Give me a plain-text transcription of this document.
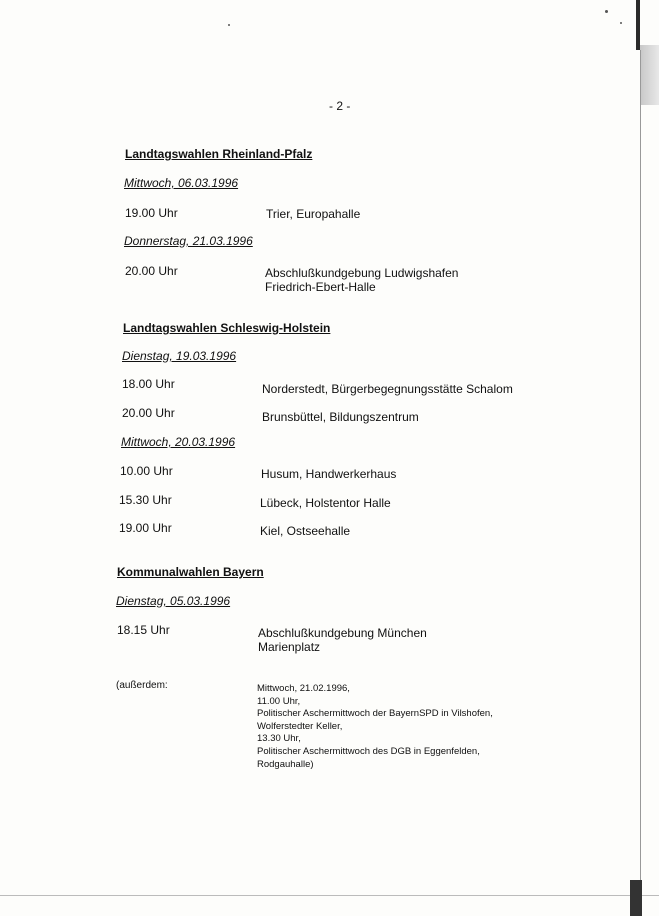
- 2 -
Landtagswahlen Rheinland-Pfalz
Mittwoch, 06.03.1996
19.00 Uhr	Trier, Europahalle
Donnerstag, 21.03.1996
20.00 Uhr	Abschlußkundgebung Ludwigshafen
Friedrich-Ebert-Halle
Landtagswahlen Schleswig-Holstein
Dienstag, 19.03.1996
18.00 Uhr	Norderstedt, Bürgerbegegnungsstätte Schalom
20.00 Uhr	Brunsbüttel, Bildungszentrum
Mittwoch, 20.03.1996
10.00 Uhr	Husum, Handwerkerhaus
15.30 Uhr	Lübeck, Holstentor Halle
19.00 Uhr	Kiel, Ostseehalle
Kommunalwahlen Bayern
Dienstag, 05.03.1996
18.15 Uhr	Abschlußkundgebung München
Marienplatz
(außerdem:	Mittwoch, 21.02.1996,
11.00 Uhr,
Politischer Aschermittwoch der BayernSPD in Vilshofen,
Wolferstedter Keller,
13.30 Uhr,
Politischer Aschermittwoch des DGB in Eggenfelden,
Rodgauhalle)
